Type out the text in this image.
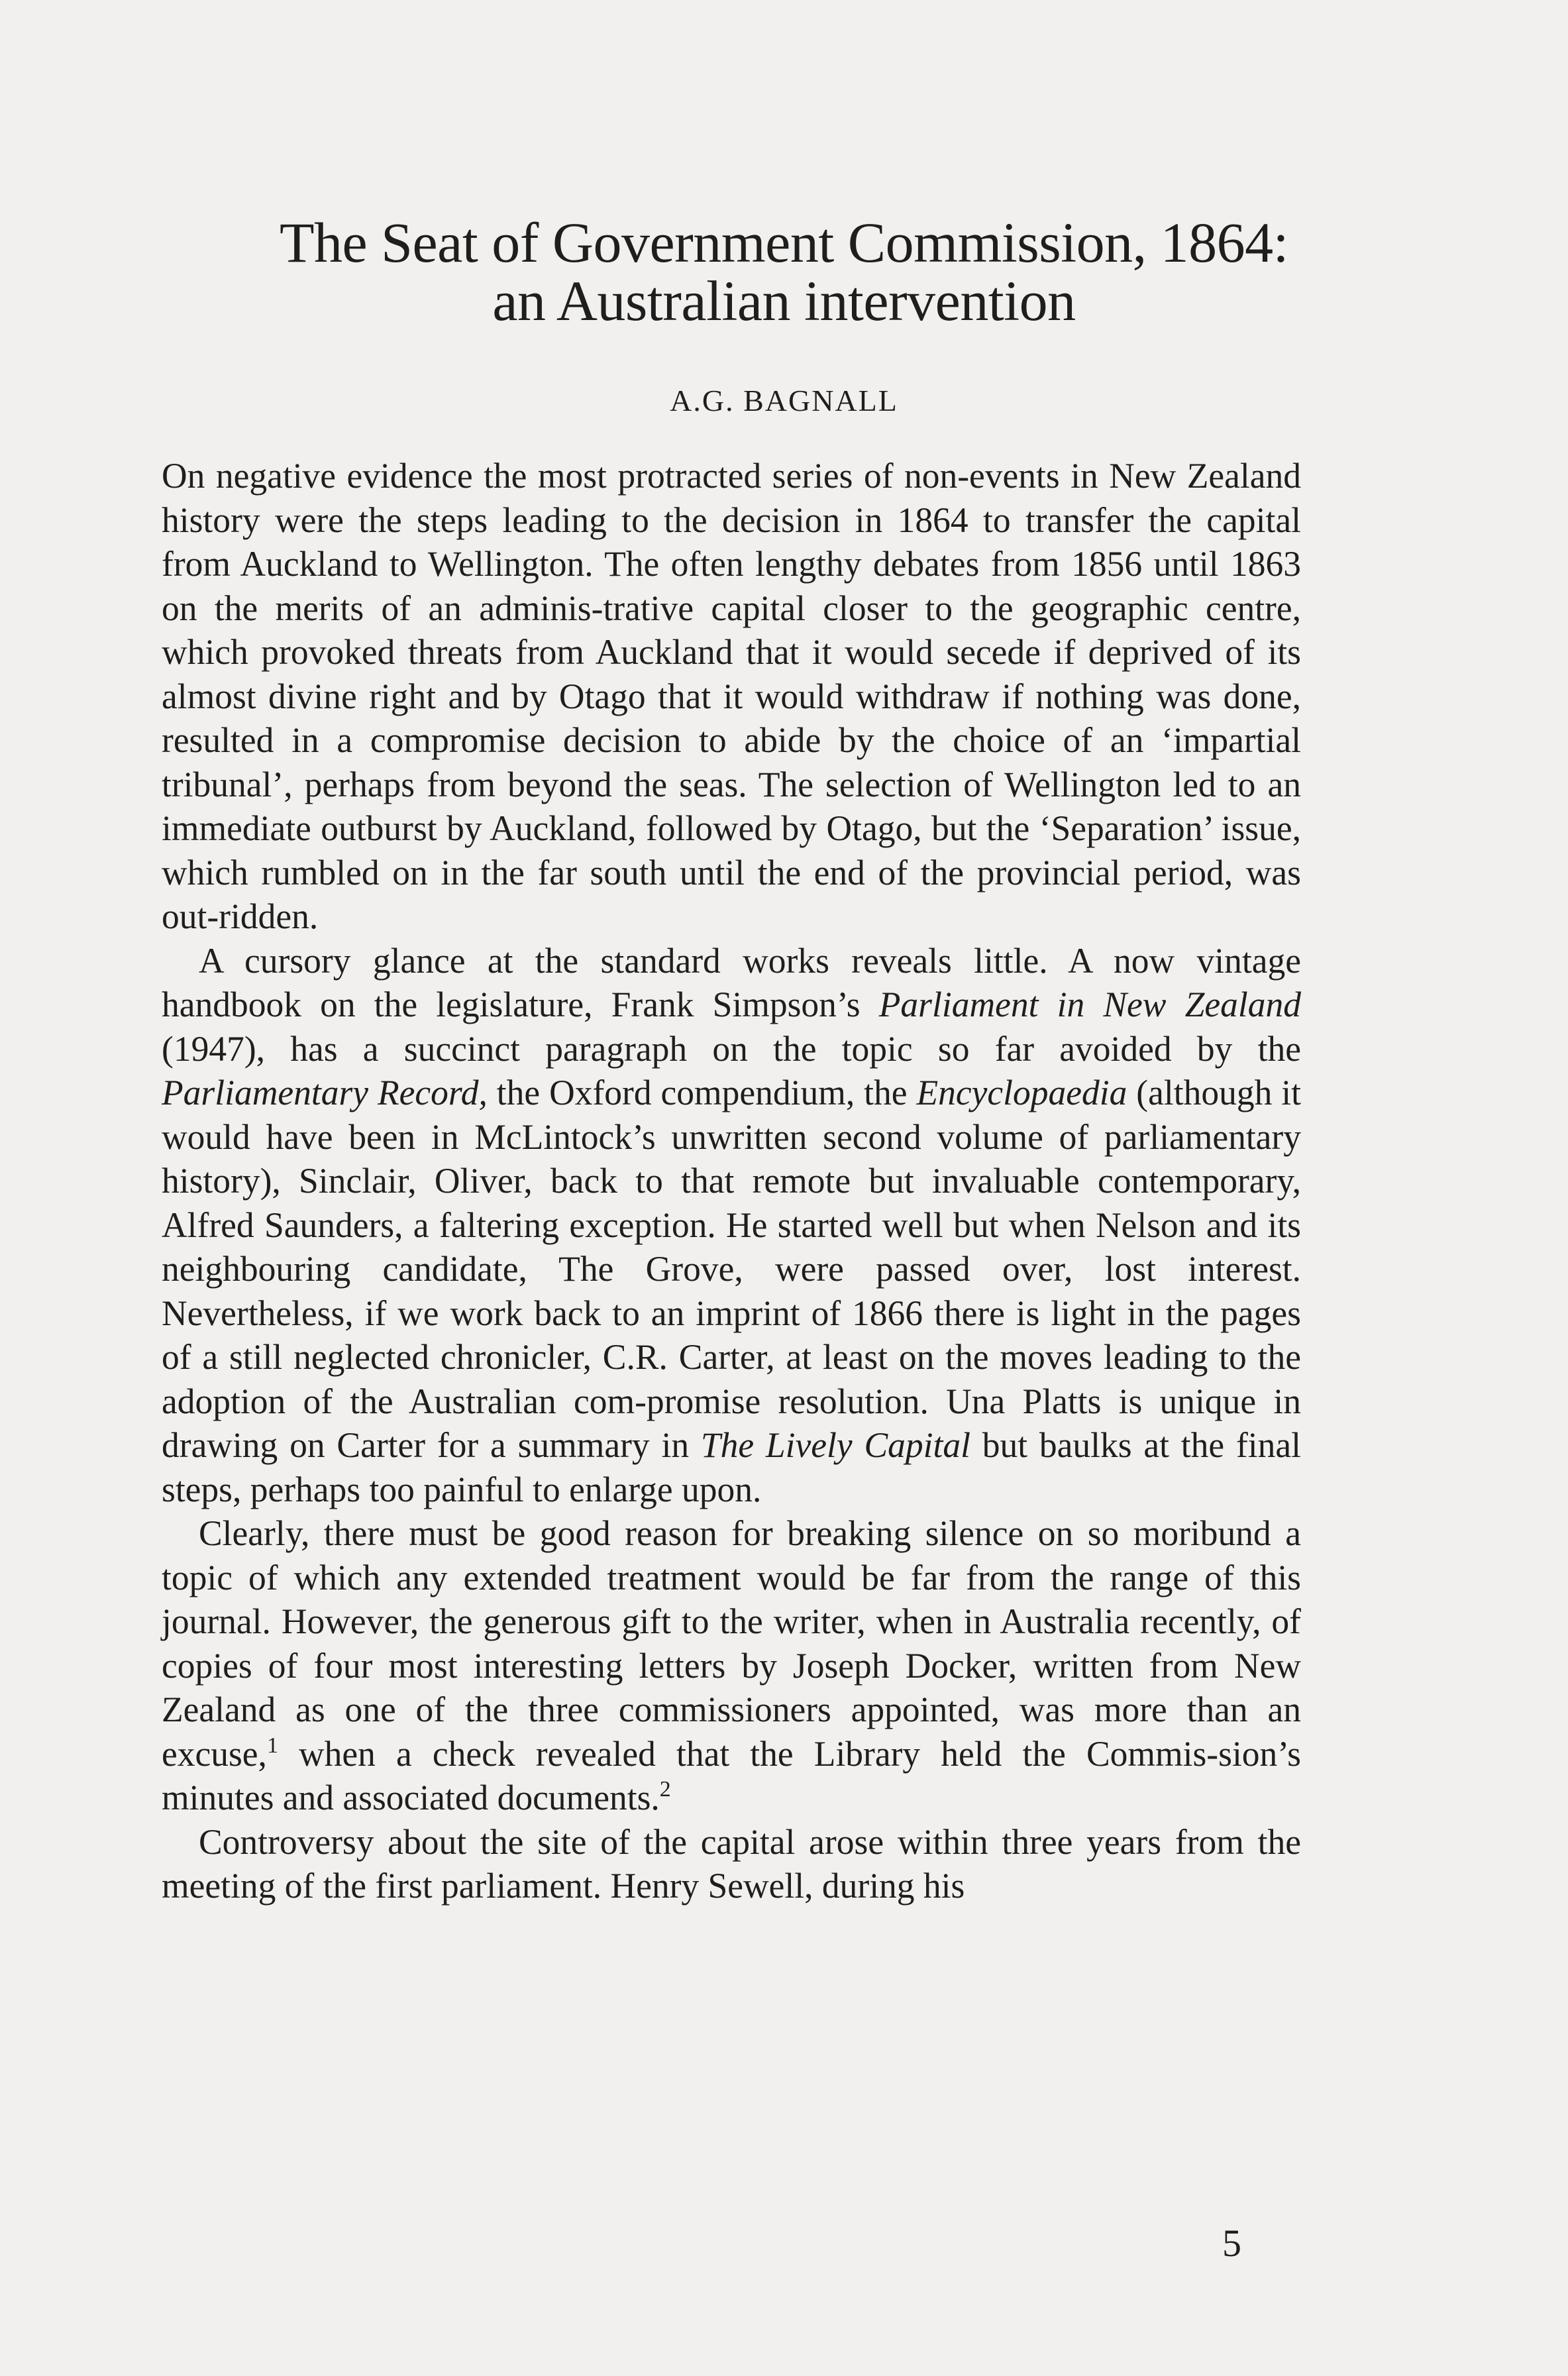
The Seat of Government Commission, 1864:
an Australian intervention

A.G. BAGNALL

On negative evidence the most protracted series of non-events in New Zealand history were the steps leading to the decision in 1864 to transfer the capital from Auckland to Wellington. The often lengthy debates from 1856 until 1863 on the merits of an adminis-trative capital closer to the geographic centre, which provoked threats from Auckland that it would secede if deprived of its almost divine right and by Otago that it would withdraw if nothing was done, resulted in a compromise decision to abide by the choice of an ‘impartial tribunal’, perhaps from beyond the seas. The selection of Wellington led to an immediate outburst by Auckland, followed by Otago, but the ‘Separation’ issue, which rumbled on in the far south until the end of the provincial period, was out-ridden.

A cursory glance at the standard works reveals little. A now vintage handbook on the legislature, Frank Simpson’s Parliament in New Zealand (1947), has a succinct paragraph on the topic so far avoided by the Parliamentary Record, the Oxford compendium, the Encyclopaedia (although it would have been in McLintock’s unwritten second volume of parliamentary history), Sinclair, Oliver, back to that remote but invaluable contemporary, Alfred Saunders, a faltering exception. He started well but when Nelson and its neighbouring candidate, The Grove, were passed over, lost interest. Nevertheless, if we work back to an imprint of 1866 there is light in the pages of a still neglected chronicler, C.R. Carter, at least on the moves leading to the adoption of the Australian com-promise resolution. Una Platts is unique in drawing on Carter for a summary in The Lively Capital but baulks at the final steps, perhaps too painful to enlarge upon.

Clearly, there must be good reason for breaking silence on so moribund a topic of which any extended treatment would be far from the range of this journal. However, the generous gift to the writer, when in Australia recently, of copies of four most interesting letters by Joseph Docker, written from New Zealand as one of the three commissioners appointed, was more than an excuse,$^1$ when a check revealed that the Library held the Commis-sion’s minutes and associated documents.$^2$

Controversy about the site of the capital arose within three years from the meeting of the first parliament. Henry Sewell, during his

5
